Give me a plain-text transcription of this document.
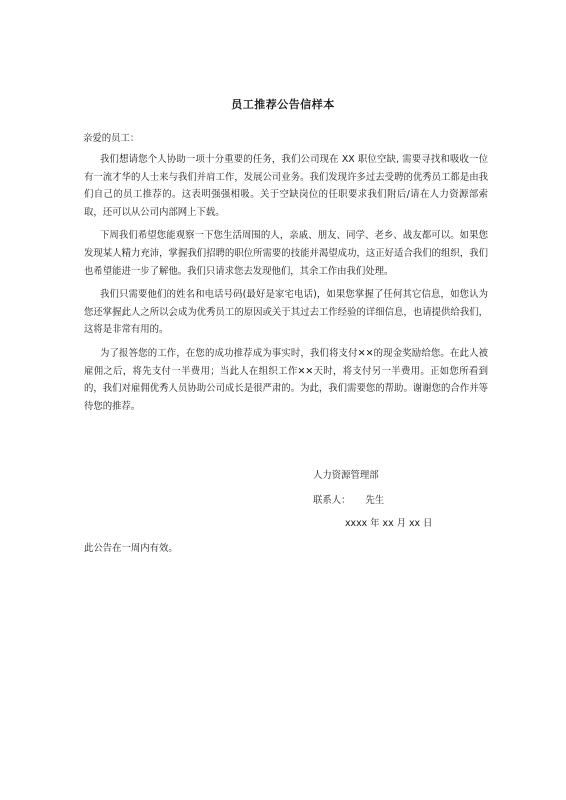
员工推荐公告信样本
亲爱的员工：

我们想请您个人协助一项十分重要的任务，我们公司现在 XX 职位空缺, 需要寻找和吸收一位有一流才华的人士来与我们并肩工作，发展公司业务。我们发现许多过去受聘的优秀员工都是由我们自己的员工推荐的。这表明强强相吸。关于空缺岗位的任职要求我们附后/请在人力资源部索取，还可以从公司内部网上下载。

下周我们希望您能观察一下您生活周围的人，亲戚、朋友、同学、老乡、战友都可以。如果您发现某人精力充沛，掌握我们招聘的职位所需要的技能并渴望成功，这正好适合我们的组织，我们也希望能进一步了解他。我们只请求您去发现他们，其余工作由我们处理。

我们只需要他们的姓名和电话号码(最好是家宅电话)，如果您掌握了任何其它信息，如您认为您还掌握此人之所以会成为优秀员工的原因或关于其过去工作经验的详细信息，也请提供给我们，这将是非常有用的。

为了报答您的工作，在您的成功推荐成为事实时，我们将支付✕✕的现金奖励给您。在此人被雇佣之后，将先支付一半费用；当此人在组织工作✕✕天时，将支付另一半费用。正如您所看到的，我们对雇佣优秀人员协助公司成长是很严肃的。为此，我们需要您的帮助。谢谢您的合作并等待您的推荐。

人力资源管理部
联系人：     先生
xxxx 年 xx 月 xx 日
此公告在一周内有效。
